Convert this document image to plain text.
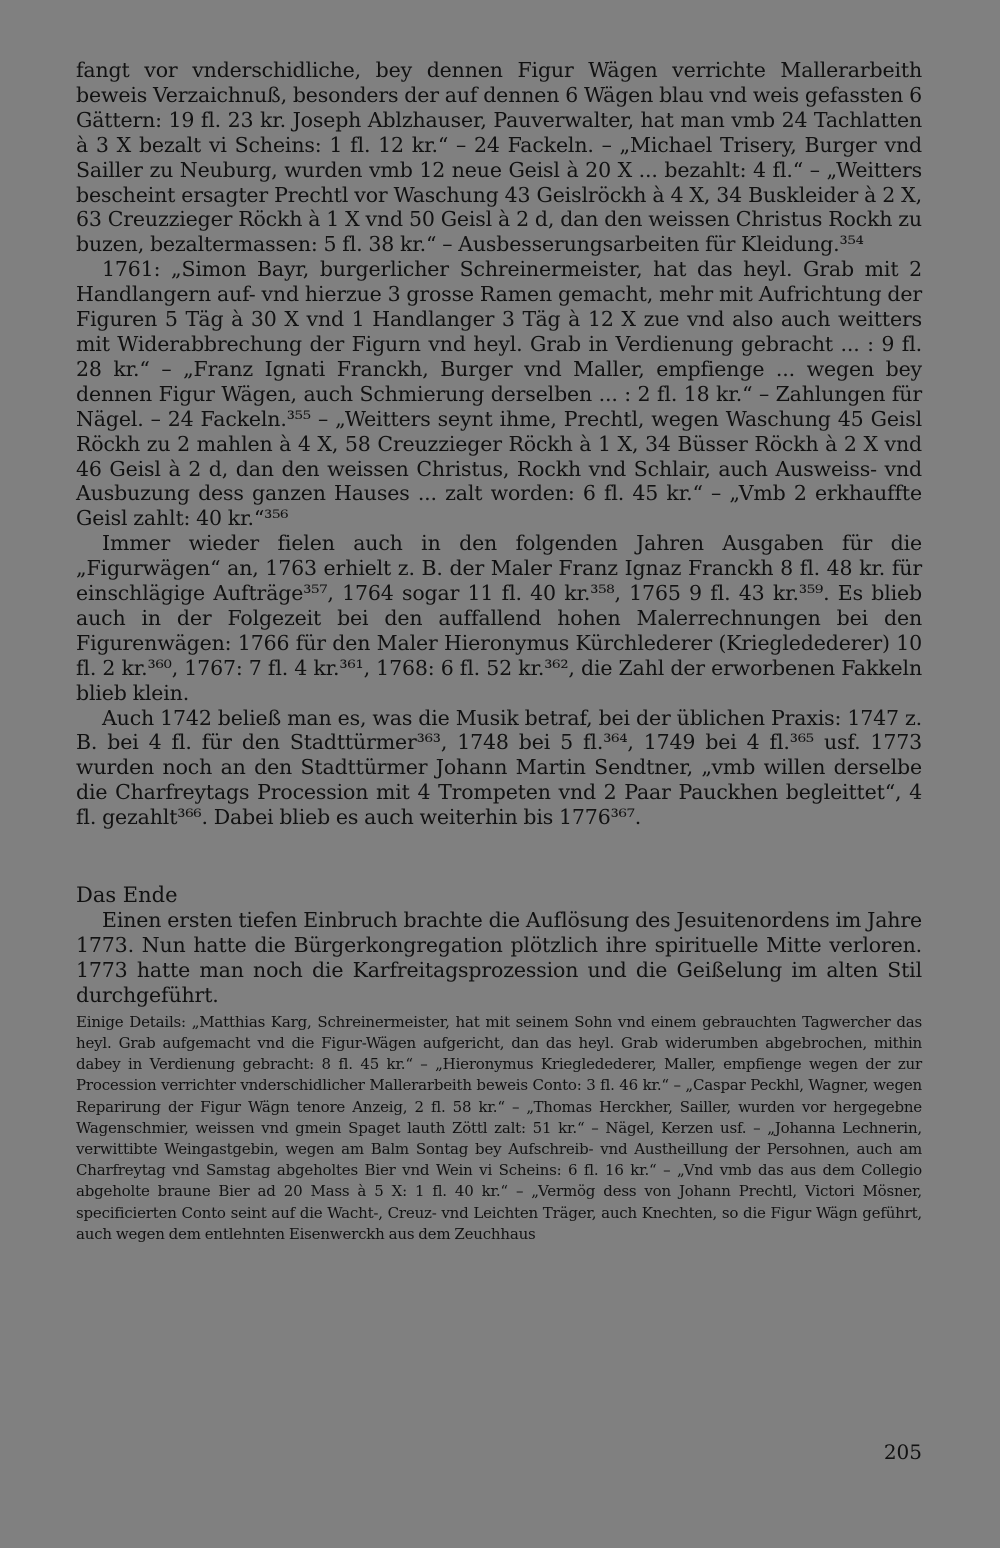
fangt vor vnderschidliche, bey dennen Figur Wägen verrichte Mallerarbeith beweis Verzaichnuß, besonders der auf dennen 6 Wägen blau vnd weis gefassten 6 Gättern: 19 fl. 23 kr. Joseph Ablzhauser, Pauverwalter, hat man vmb 24 Tachlatten à 3 X bezalt vi Scheins: 1 fl. 12 kr.“ – 24 Fackeln. – „Michael Trisery, Burger vnd Sailler zu Neuburg, wurden vmb 12 neue Geisl à 20 X ... bezahlt: 4 fl.“ – „Weitters bescheint ersagter Prechtl vor Waschung 43 Geislröckh à 4 X, 34 Buskleider à 2 X, 63 Creuzzieger Röckh à 1 X vnd 50 Geisl à 2 d, dan den weissen Christus Rockh zu buzen, bezaltermassen: 5 fl. 38 kr.“ – Ausbesserungsarbeiten für Kleidung.³⁵⁴

1761: „Simon Bayr, burgerlicher Schreinermeister, hat das heyl. Grab mit 2 Handlangern auf- vnd hierzue 3 grosse Ramen gemacht, mehr mit Aufrichtung der Figuren 5 Täg à 30 X vnd 1 Handlanger 3 Täg à 12 X zue vnd also auch weitters mit Widerabbrechung der Figurn vnd heyl. Grab in Verdienung gebracht ... : 9 fl. 28 kr.“ – „Franz Ignati Franckh, Burger vnd Maller, empfienge ... wegen bey dennen Figur Wägen, auch Schmierung derselben ... : 2 fl. 18 kr.“ – Zahlungen für Nägel. – 24 Fackeln.³⁵⁵ – „Weitters seynt ihme, Prechtl, wegen Waschung 45 Geisl Röckh zu 2 mahlen à 4 X, 58 Creuzzieger Röckh à 1 X, 34 Büsser Röckh à 2 X vnd 46 Geisl à 2 d, dan den weissen Christus, Rockh vnd Schlair, auch Ausweiss- vnd Ausbuzung dess ganzen Hauses ... zalt worden: 6 fl. 45 kr.“ – „Vmb 2 erkhauffte Geisl zahlt: 40 kr.“³⁵⁶

Immer wieder fielen auch in den folgenden Jahren Ausgaben für die „Figurwägen“ an, 1763 erhielt z. B. der Maler Franz Ignaz Franckh 8 fl. 48 kr. für einschlägige Aufträge³⁵⁷, 1764 sogar 11 fl. 40 kr.³⁵⁸, 1765 9 fl. 43 kr.³⁵⁹. Es blieb auch in der Folgezeit bei den auffallend hohen Malerrechnungen bei den Figurenwägen: 1766 für den Maler Hieronymus Kürchlederer (Kriegledederer) 10 fl. 2 kr.³⁶⁰, 1767: 7 fl. 4 kr.³⁶¹, 1768: 6 fl. 52 kr.³⁶², die Zahl der erworbenen Fakkeln blieb klein.

Auch 1742 beließ man es, was die Musik betraf, bei der üblichen Praxis: 1747 z. B. bei 4 fl. für den Stadttürmer³⁶³, 1748 bei 5 fl.³⁶⁴, 1749 bei 4 fl.³⁶⁵ usf. 1773 wurden noch an den Stadttürmer Johann Martin Sendtner, „vmb willen derselbe die Charfreytags Procession mit 4 Trompeten vnd 2 Paar Pauckhen begleittet“, 4 fl. gezahlt³⁶⁶. Dabei blieb es auch weiterhin bis 1776³⁶⁷.

Das Ende

Einen ersten tiefen Einbruch brachte die Auflösung des Jesuitenordens im Jahre 1773. Nun hatte die Bürgerkongregation plötzlich ihre spirituelle Mitte verloren. 1773 hatte man noch die Karfreitagsprozession und die Geißelung im alten Stil durchgeführt.

Einige Details: „Matthias Karg, Schreinermeister, hat mit seinem Sohn vnd einem gebrauchten Tagwercher das heyl. Grab aufgemacht vnd die Figur-Wägen aufgericht, dan das heyl. Grab widerumben abgebrochen, mithin dabey in Verdienung gebracht: 8 fl. 45 kr.“ – „Hieronymus Kriegledederer, Maller, empfienge wegen der zur Procession verrichter vnderschidlicher Mallerarbeith beweis Conto: 3 fl. 46 kr.“ – „Caspar Peckhl, Wagner, wegen Reparirung der Figur Wägn tenore Anzeig, 2 fl. 58 kr.“ – „Thomas Herckher, Sailler, wurden vor hergegebne Wagenschmier, weissen vnd gmein Spaget lauth Zöttl zalt: 51 kr.“ – Nägel, Kerzen usf. – „Johanna Lechnerin, verwittibte Weingastgebin, wegen am Balm Sontag bey Aufschreib- vnd Austheillung der Persohnen, auch am Charfreytag vnd Samstag abgeholtes Bier vnd Wein vi Scheins: 6 fl. 16 kr.“ – „Vnd vmb das aus dem Collegio abgeholte braune Bier ad 20 Mass à 5 X: 1 fl. 40 kr.“ – „Vermög dess von Johann Prechtl, Victori Mösner, specificierten Conto seint auf die Wacht-, Creuz- vnd Leichten Träger, auch Knechten, so die Figur Wägn geführt, auch wegen dem entlehnten Eisenwerckh aus dem Zeuchhaus

205
